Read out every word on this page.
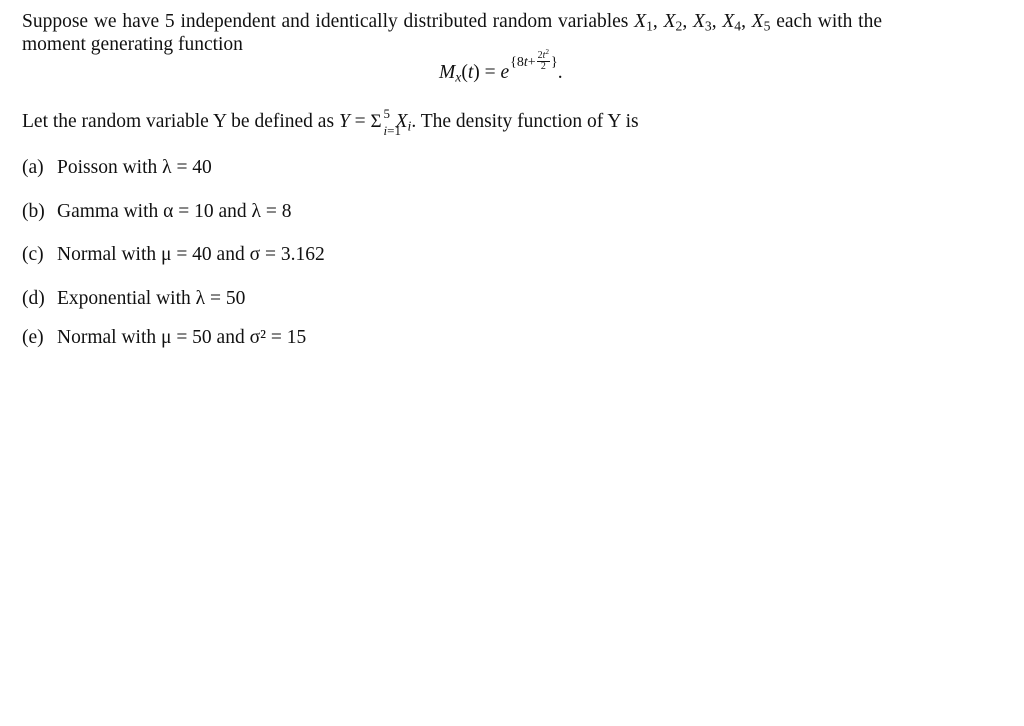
Suppose we have 5 independent and identically distributed random variables $X_1$, $X_2$, $X_3$, $X_4$, $X_5$ each with the moment generating function
$M_x(t) = e^{\{8t+ \frac{2t^2}{2} \}}$.
Let the random variable Y be defined as Y = Σ 5
i=1
$X_i$. The density function of Y is
(a) Poisson with λ = 40
(b) Gamma with α = 10 and λ = 8
(c) Normal with μ = 40 and σ = 3.162
(d) Exponential with λ = 50
(e) Normal with μ = 50 and σ² = 15
